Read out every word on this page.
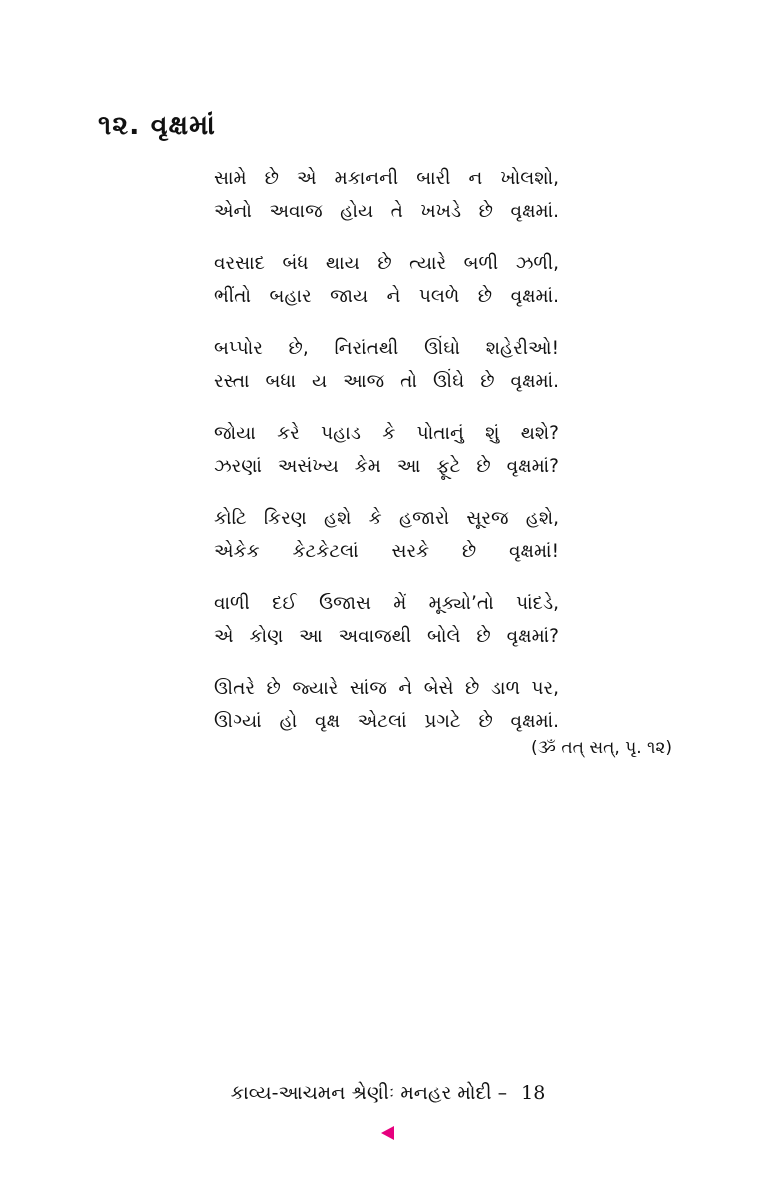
૧૨. વૃક્ષમાં
સામે છે એ મકાનની બારી ન ખોલશો,
એનો અવાજ હોય તે ખખડે છે વૃક્ષમાં.
વરસાદ બંધ થાય છે ત્યારે બળી ઝળી,
ભીંતો બહાર જાય ને પલળે છે વૃક્ષમાં.
બપ્પોર છે, નિરાંતથી ઊંઘો શહેરીઓ!
રસ્તા બધા ય આજ તો ઊંઘે છે વૃક્ષમાં.
જોયા કરે પહાડ કે પોતાનું શું થશે?
ઝરણાં અસંખ્ય કેમ આ ફૂટે છે વૃક્ષમાં?
કોટિ કિરણ હશે કે હજારો સૂરજ હશે,
એકેક કેટકેટલાં સરકે છે વૃક્ષમાં!
વાળી દઈ ઉજાસ મેં મૂક્યો’તો પાંદડે,
એ કોણ આ અવાજથી બોલે છે વૃક્ષમાં?
ઊતરે છે જ્યારે સાંજ ને બેસે છે ડાળ પર,
ઊગ્યાં હો વૃક્ષ એટલાં પ્રગટે છે વૃક્ષમાં.
(ૐ તત્ સત્, પૃ. ૧૨)
કાવ્ય-આચમન શ્રેણીઃ મનહર મોદી – 18
